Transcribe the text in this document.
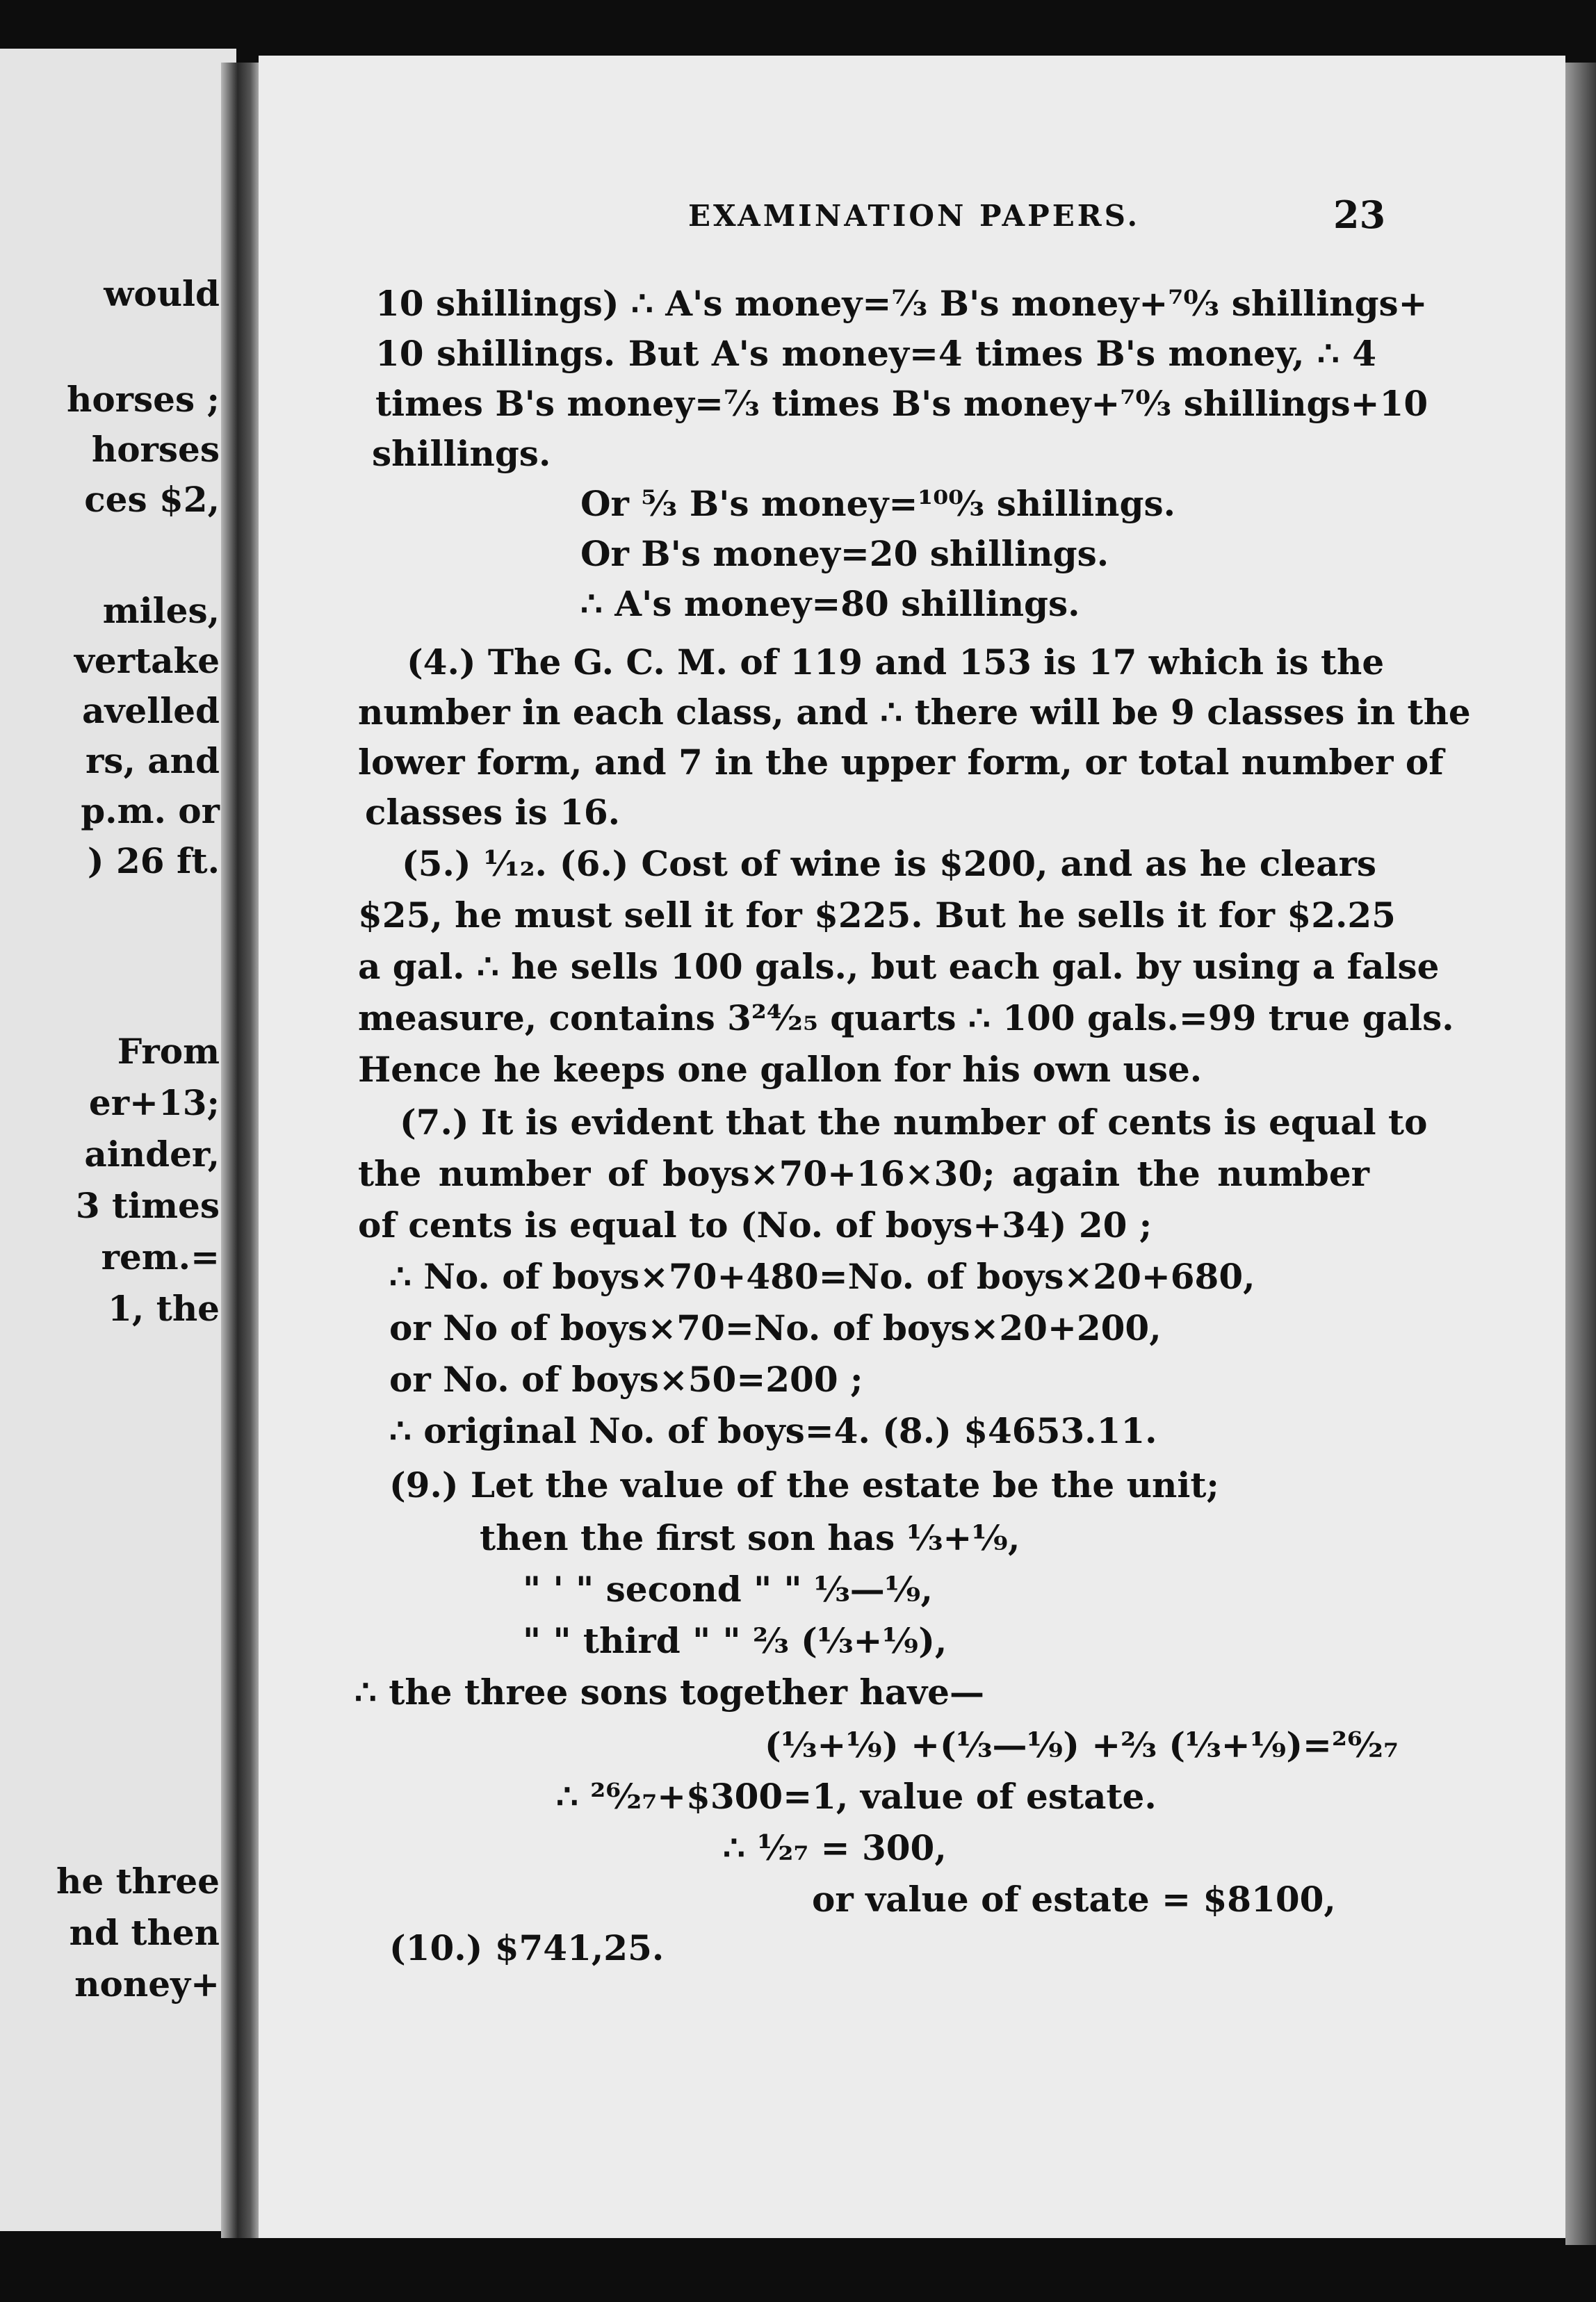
would
horses ;
horses
ces $2,
miles,
vertake
avelled
rs, and
p.m. or
) 26 ft.
From
er+13;
ainder,
3 times
rem.=
1, the
he three
nd then
noney+
EXAMINATION PAPERS.	23
10 shillings) ∴ A's money=⁷⁄₃ B's money+⁷⁰⁄₃ shillings+
10 shillings. But A's money=4 times B's money, ∴ 4
times B's money=⁷⁄₃ times B's money+⁷⁰⁄₃ shillings+10
shillings.
Or ⁵⁄₃ B's money=¹⁰⁰⁄₃ shillings.
Or B's money=20 shillings.
∴ A's money=80 shillings.
(4.) The G. C. M. of 119 and 153 is 17 which is the
number in each class, and ∴ there will be 9 classes in the
lower form, and 7 in the upper form, or total number of
classes is 16.
(5.) ¹⁄₁₂. (6.) Cost of wine is $200, and as he clears
$25, he must sell it for $225. But he sells it for $2.25
a gal. ∴ he sells 100 gals., but each gal. by using a false
measure, contains 3²⁴⁄₂₅ quarts ∴ 100 gals.=99 true gals.
Hence he keeps one gallon for his own use.
(7.) It is evident that the number of cents is equal to
the number of boys×70+16×30; again the number
of cents is equal to (No. of boys+34) 20 ;
∴ No. of boys×70+480=No. of boys×20+680,
or No of boys×70=No. of boys×20+200,
or No. of boys×50=200 ;
∴ original No. of boys=4. (8.) $4653.11.
(9.) Let the value of the estate be the unit;
then the first son has ⅓+⅑,
" ' " second " " ⅓—⅑,
" " third " " ⅔ (⅓+⅑),
∴ the three sons together have—
(⅓+⅑) +(⅓—⅑) +⅔ (⅓+⅑)=²⁶⁄₂₇
∴ ²⁶⁄₂₇+$300=1, value of estate.
∴ ¹⁄₂₇ = 300,
or value of estate = $8100,
(10.) $741,25.
